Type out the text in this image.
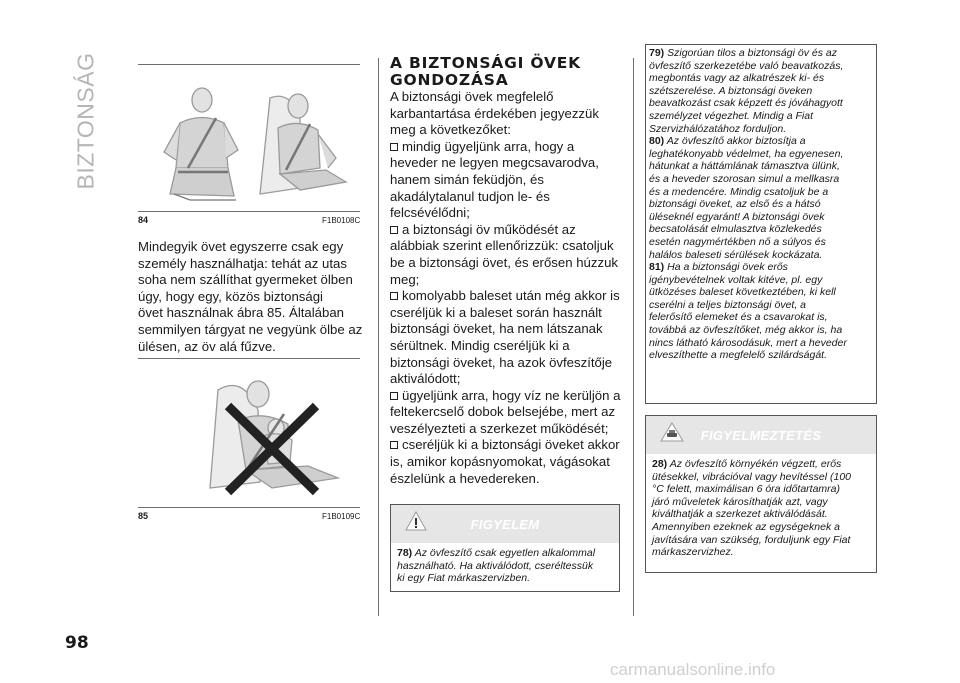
BIZTONSÁG
84	F1B0108C

Mindegyik övet egyszerre csak egy

személy használhatja: tehát az utas

soha nem szállíthat gyermeket ölben

úgy, hogy egy, közös biztonsági

övet használnak ábra 85. Általában

semmilyen tárgyat ne vegyünk ölbe az

ülésen, az öv alá fűzve.

85	F1B0109C
A BIZTONSÁGI ÖVEK
GONDOZÁSA

A biztonsági övek megfelelő

karbantartása érdekében jegyezzük

meg a következőket:

mindig ügyeljünk arra, hogy a

heveder ne legyen megcsavarodva,

hanem simán feküdjön, és

akadálytalanul tudjon le- és

felcsévélődni;

a biztonsági öv működését az

alábbiak szerint ellenőrizzük: csatoljuk

be a biztonsági övet, és erősen húzzuk

meg;

komolyabb baleset után még akkor is

cseréljük ki a baleset során használt

biztonsági öveket, ha nem látszanak

sérültnek. Mindig cseréljük ki a

biztonsági öveket, ha azok övfeszítője

aktiválódott;

ügyeljünk arra, hogy víz ne kerüljön a

feltekercselő dobok belsejébe, mert az

veszélyezteti a szerkezet működését;

cseréljük ki a biztonsági öveket akkor

is, amikor kopásnyomokat, vágásokat

észlelünk a hevedereken.

FIGYELEM

78) Az övfeszítő csak egyetlen alkalommal

használható. Ha aktiválódott, cseréltessük

ki egy Fiat márkaszervizben.

79) Szigorúan tilos a biztonsági öv és az

övfeszítő szerkezetébe való beavatkozás,

megbontás vagy az alkatrészek ki- és

szétszerelése. A biztonsági öveken

beavatkozást csak képzett és jóváhagyott

személyzet végezhet. Mindig a Fiat

Szervizhálózatához forduljon.

80) Az övfeszítő akkor biztosítja a

leghatékonyabb védelmet, ha egyenesen,

hátunkat a háttámlának támasztva ülünk,

és a heveder szorosan simul a mellkasra

és a medencére. Mindig csatoljuk be a

biztonsági öveket, az első és a hátsó

üléseknél egyaránt! A biztonsági övek

becsatolását elmulasztva közlekedés

esetén nagymértékben nő a súlyos és

halálos baleseti sérülések kockázata.

81) Ha a biztonsági övek erős

igénybevételnek voltak kitéve, pl. egy

ütközéses baleset következtében, ki kell

cserélni a teljes biztonsági övet, a

felerősítő elemeket és a csavarokat is,

továbbá az övfeszítőket, még akkor is, ha

nincs látható károsodásuk, mert a heveder

elveszíthette a megfelelő szilárdságát.

FIGYELMEZTETÉS

28) Az övfeszítő környékén végzett, erős

ütésekkel, vibrációval vagy hevítéssel (100

°C felett, maximálisan 6 óra időtartamra)

járó műveletek károsíthatják azt, vagy

kiválthatják a szerkezet aktiválódását.

Amennyiben ezeknek az egységeknek a

javítására van szükség, forduljunk egy Fiat

márkaszervizhez.

98
carmanualsonline.info
